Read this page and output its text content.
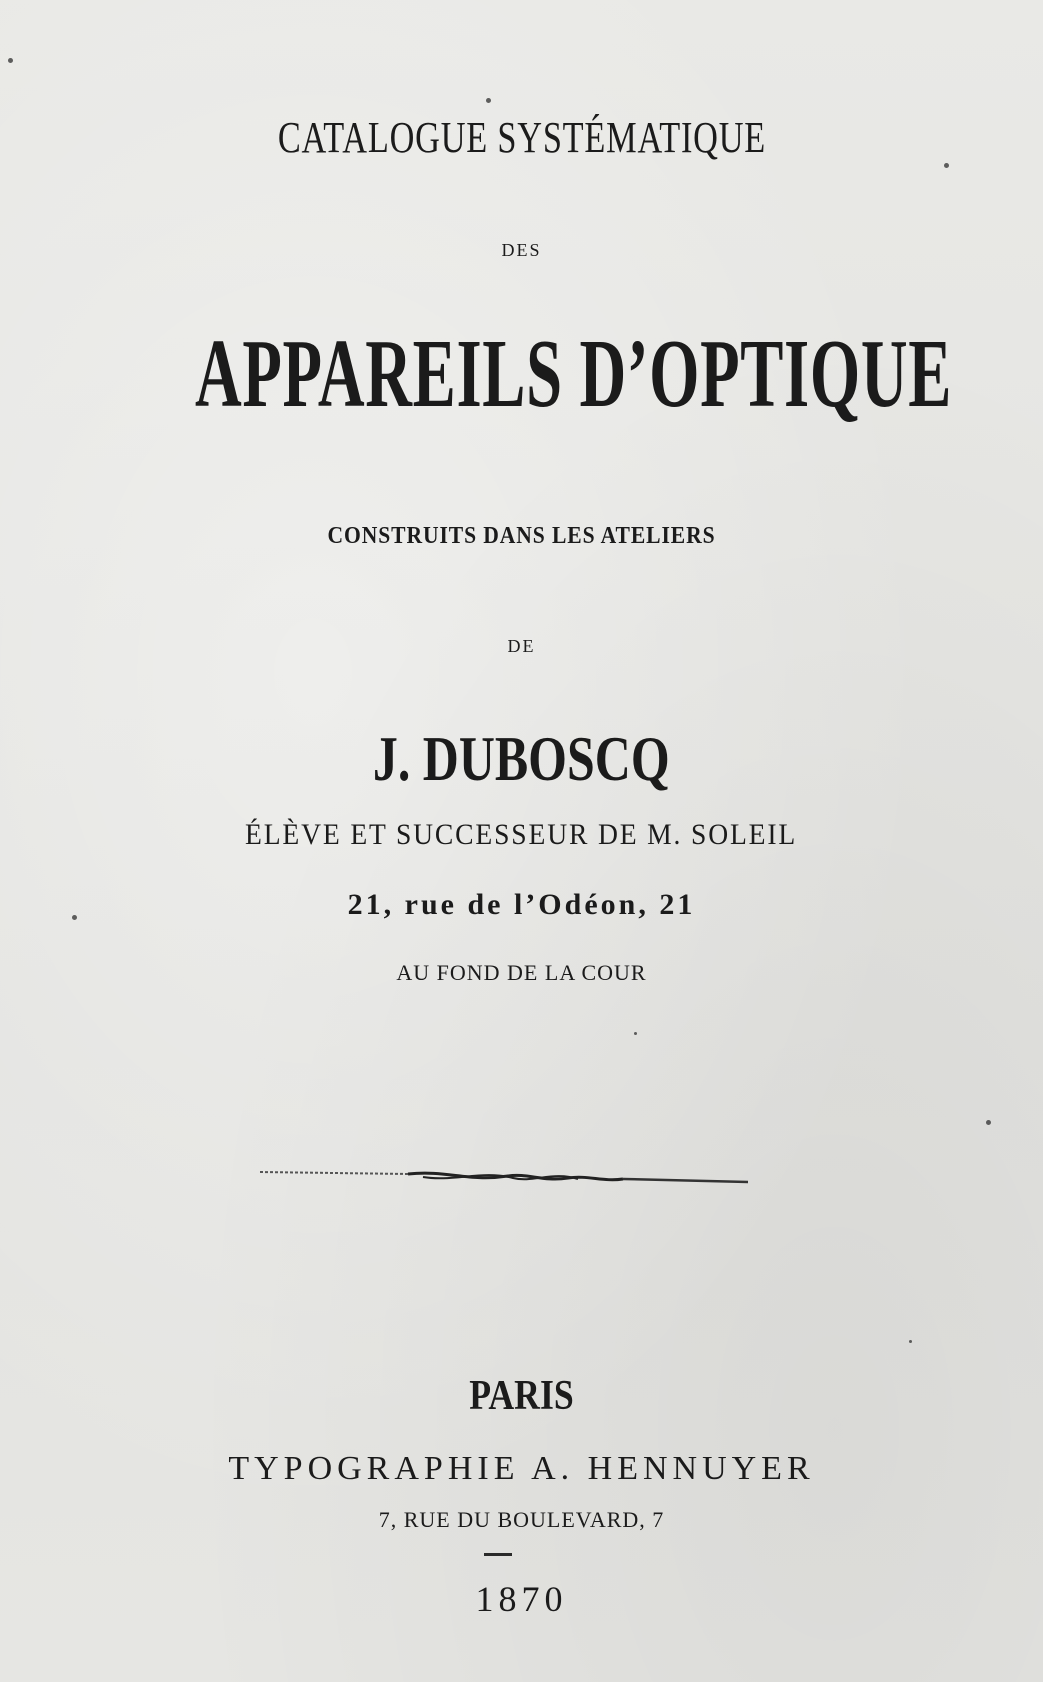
CATALOGUE SYSTÉMATIQUE
DES
APPAREILS D’OPTIQUE
CONSTRUITS DANS LES ATELIERS
DE
J. DUBOSCQ
ÉLÈVE ET SUCCESSEUR DE M. SOLEIL
21, rue de l’Odéon, 21
AU FOND DE LA COUR
PARIS
TYPOGRAPHIE A. HENNUYER
7, RUE DU BOULEVARD, 7
1870
